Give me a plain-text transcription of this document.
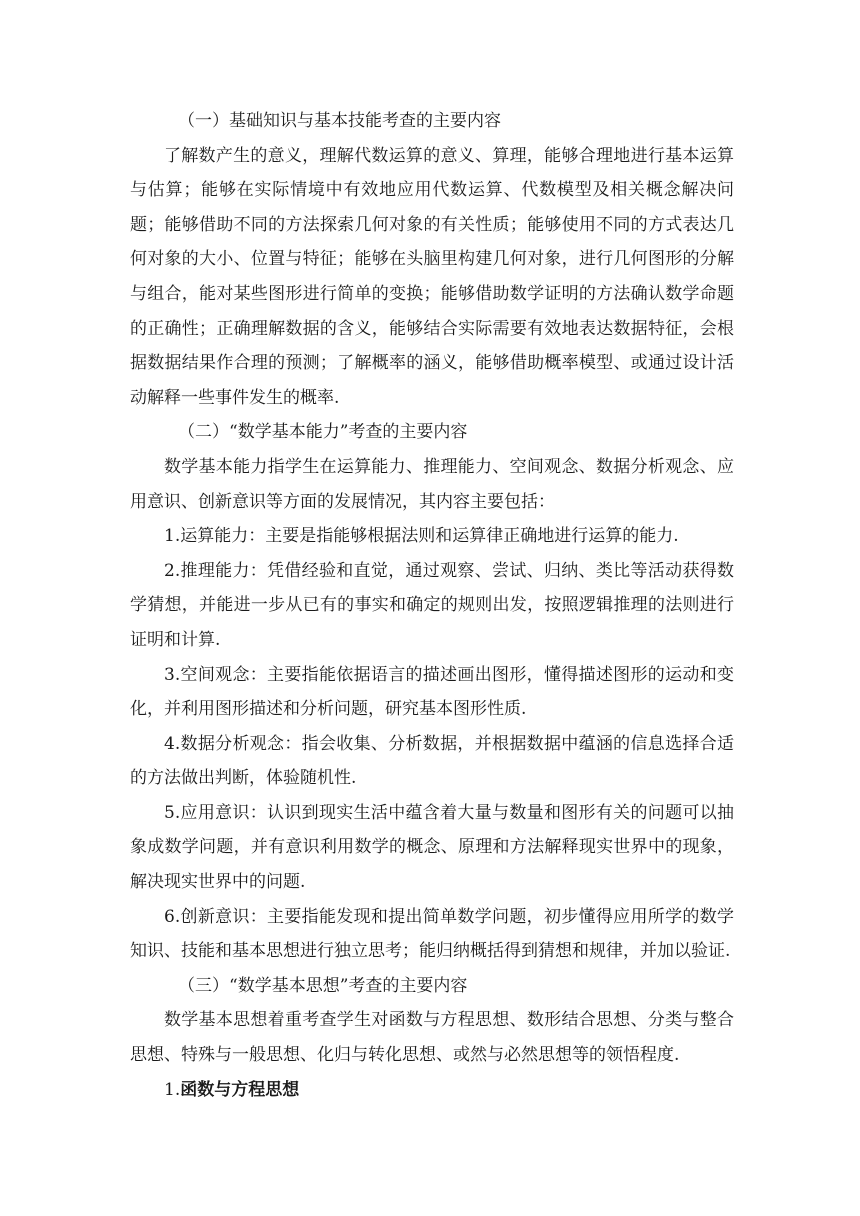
（一）基础知识与基本技能考查的主要内容

了解数产生的意义，理解代数运算的意义、算理，能够合理地进行基本运算与估算；能够在实际情境中有效地应用代数运算、代数模型及相关概念解决问题；能够借助不同的方法探索几何对象的有关性质；能够使用不同的方式表达几何对象的大小、位置与特征；能够在头脑里构建几何对象，进行几何图形的分解与组合，能对某些图形进行简单的变换；能够借助数学证明的方法确认数学命题的正确性；正确理解数据的含义，能够结合实际需要有效地表达数据特征，会根据数据结果作合理的预测；了解概率的涵义，能够借助概率模型、或通过设计活动解释一些事件发生的概率.

（二）“数学基本能力”考查的主要内容

数学基本能力指学生在运算能力、推理能力、空间观念、数据分析观念、应用意识、创新意识等方面的发展情况，其内容主要包括：

1.运算能力：主要是指能够根据法则和运算律正确地进行运算的能力.

2.推理能力：凭借经验和直觉，通过观察、尝试、归纳、类比等活动获得数学猜想，并能进一步从已有的事实和确定的规则出发，按照逻辑推理的法则进行证明和计算.

3.空间观念：主要指能依据语言的描述画出图形，懂得描述图形的运动和变化，并利用图形描述和分析问题，研究基本图形性质.

4.数据分析观念：指会收集、分析数据，并根据数据中蕴涵的信息选择合适的方法做出判断，体验随机性.

5.应用意识：认识到现实生活中蕴含着大量与数量和图形有关的问题可以抽象成数学问题，并有意识利用数学的概念、原理和方法解释现实世界中的现象，解决现实世界中的问题.

6.创新意识：主要指能发现和提出简单数学问题，初步懂得应用所学的数学知识、技能和基本思想进行独立思考；能归纳概括得到猜想和规律，并加以验证.

（三）“数学基本思想”考查的主要内容

数学基本思想着重考查学生对函数与方程思想、数形结合思想、分类与整合思想、特殊与一般思想、化归与转化思想、或然与必然思想等的领悟程度.

1.函数与方程思想
